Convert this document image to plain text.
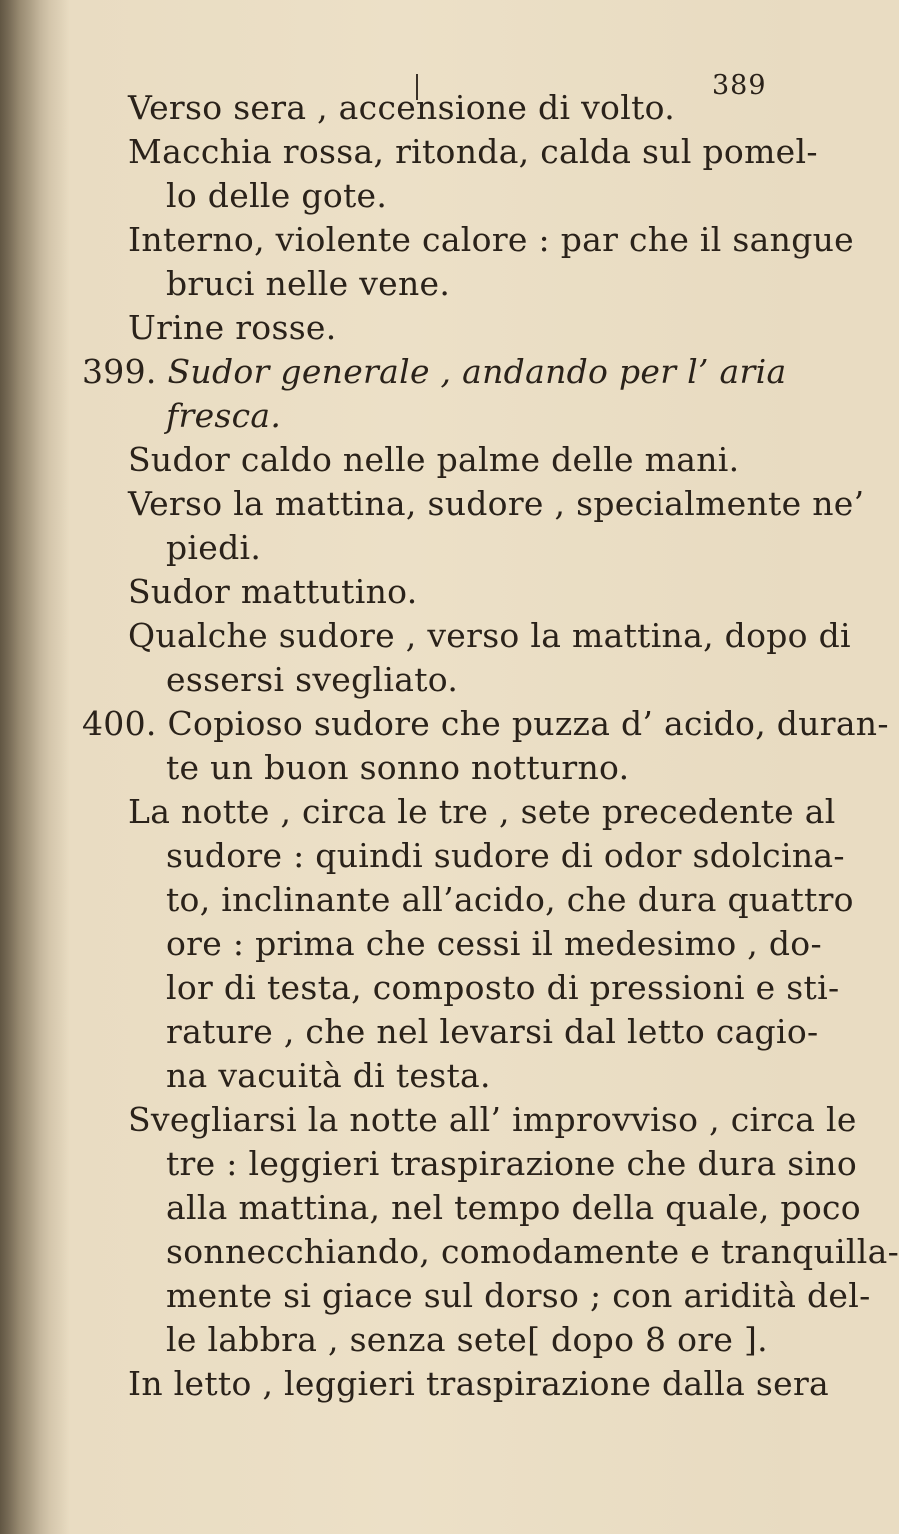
389
Verso sera , accensione di volto.
Macchia rossa, ritonda, calda sul pomel-
lo delle gote.
Interno, violente calore : par che il sangue
bruci nelle vene.
Urine rosse.
399. Sudor generale , andando per l’ aria
fresca.
Sudor caldo nelle palme delle mani.
Verso la mattina, sudore , specialmente ne’
piedi.
Sudor mattutino.
Qualche sudore , verso la mattina, dopo di
essersi svegliato.
400. Copioso sudore che puzza d’ acido, duran-
te un buon sonno notturno.
La notte , circa le tre , sete precedente al
sudore : quindi sudore di odor sdolcina-
to, inclinante all’acido, che dura quattro
ore : prima che cessi il medesimo , do-
lor di testa, composto di pressioni e sti-
rature , che nel levarsi dal letto cagio-
na vacuità di testa.
Svegliarsi la notte all’ improvviso , circa le
tre : leggieri traspirazione che dura sino
alla mattina, nel tempo della quale, poco
sonnecchiando, comodamente e tranquilla-
mente si giace sul dorso ; con aridità del-
le labbra , senza sete[ dopo 8 ore ].
In letto , leggieri traspirazione dalla sera
